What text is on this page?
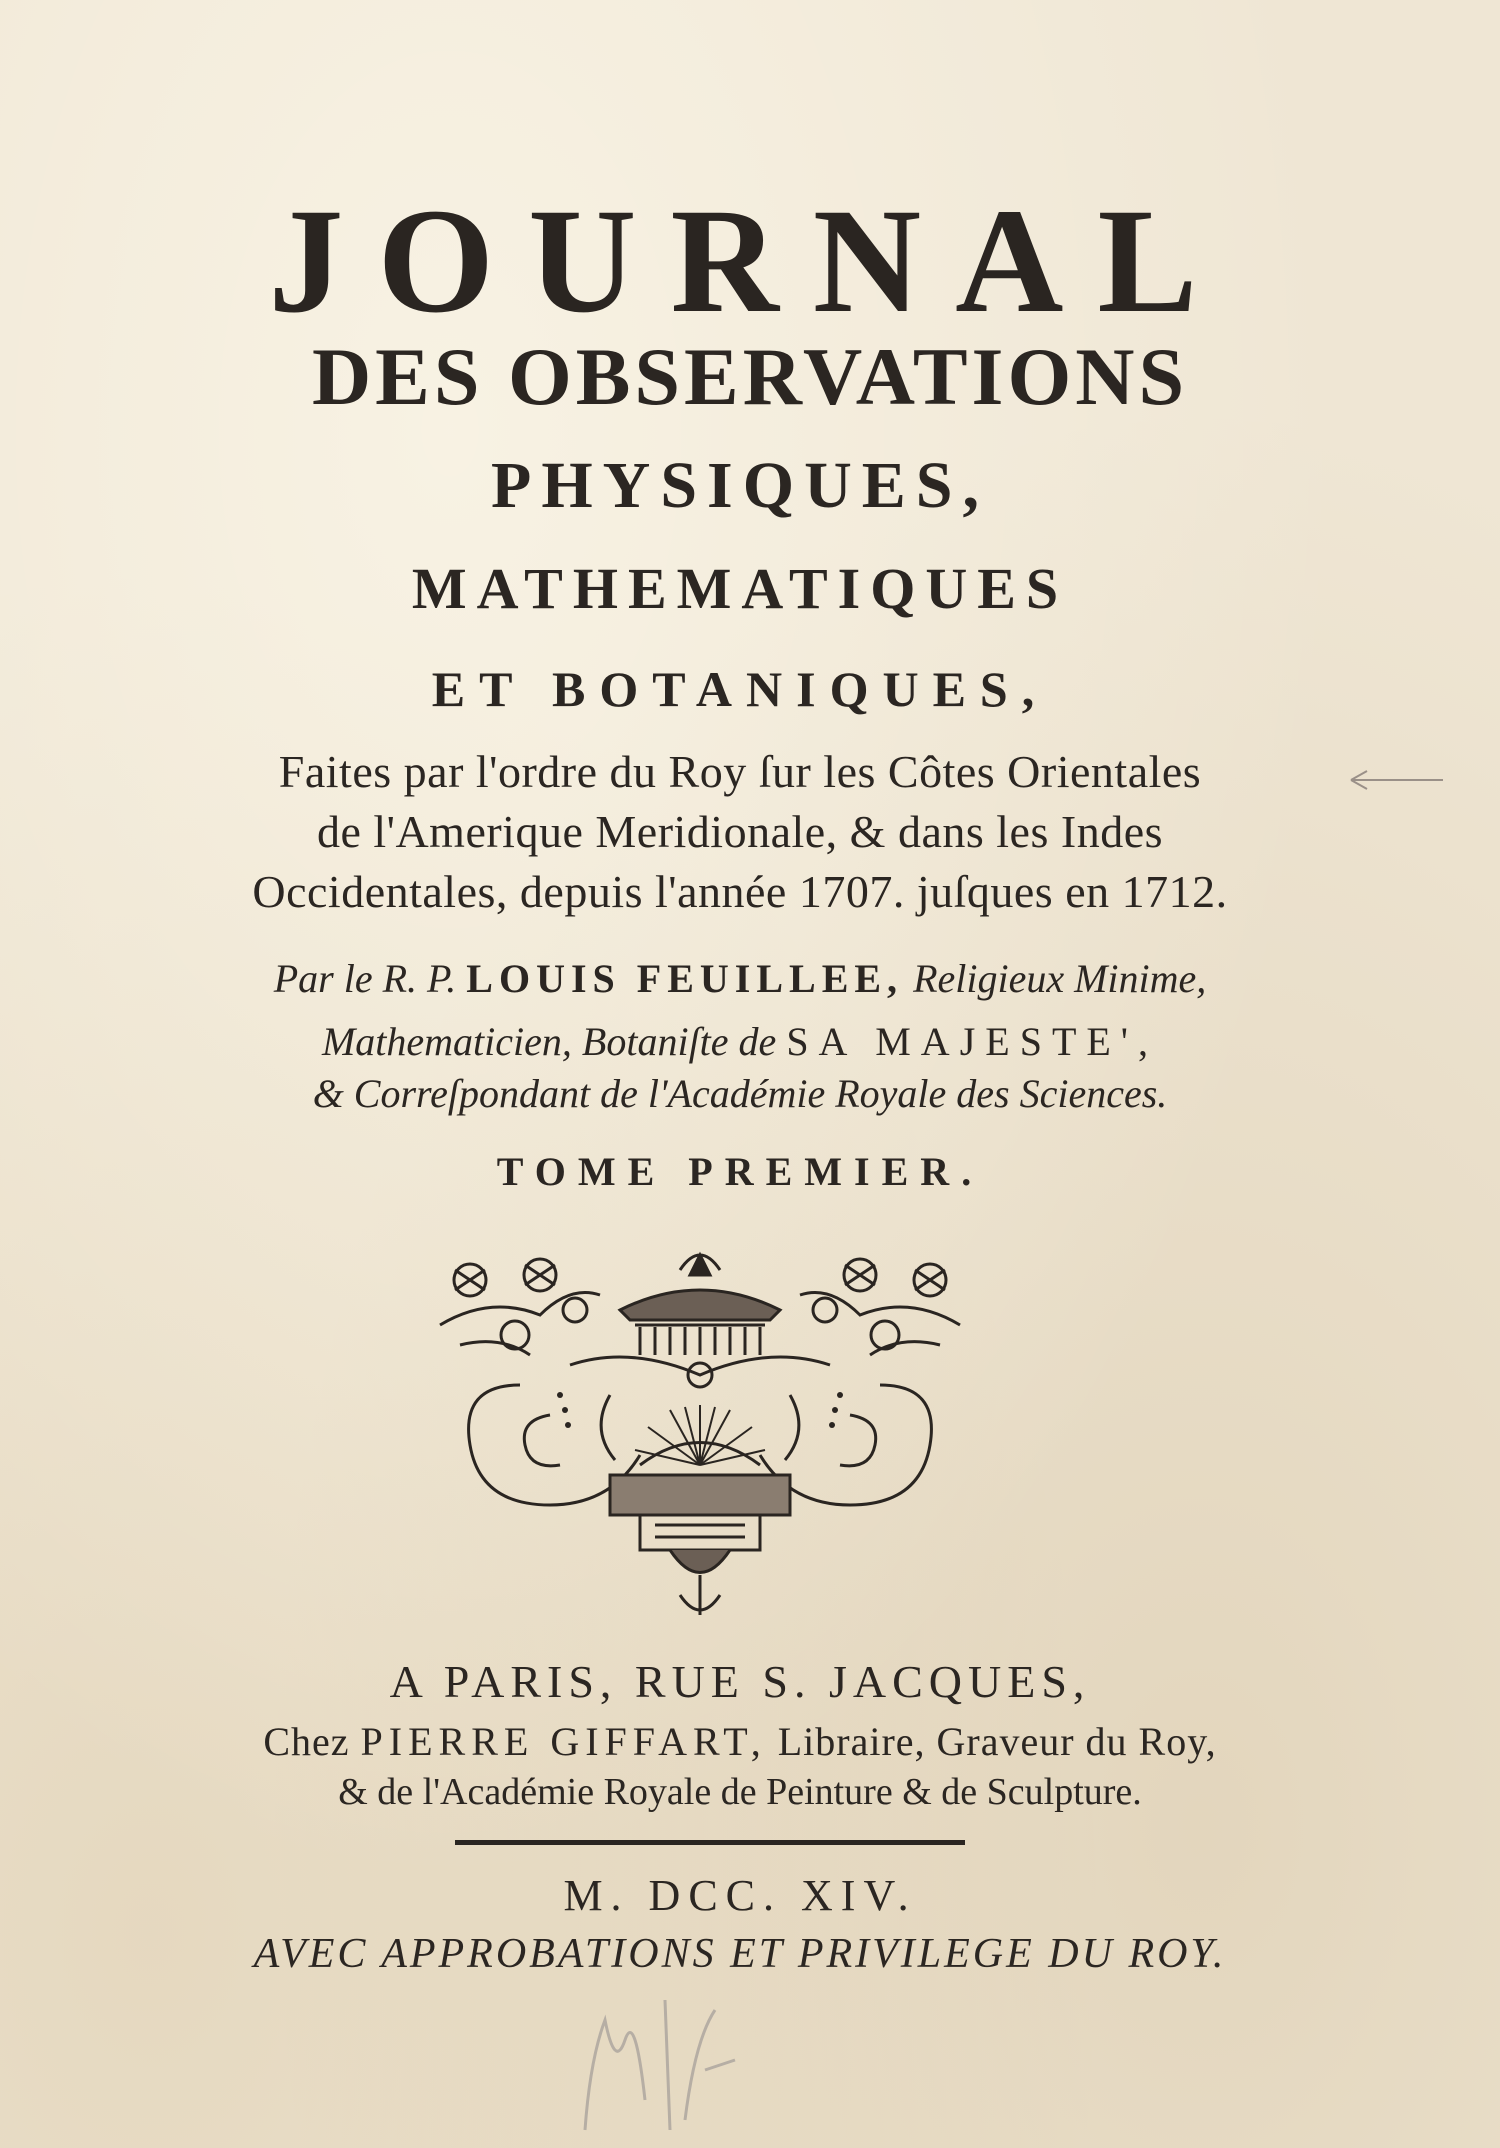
JOURNAL
DES OBSERVATIONS
PHYSIQUES,
MATHEMATIQUES
ET BOTANIQUES,
Faites par l'ordre du Roy ſur les Côtes Orientales
de l'Amerique Meridionale, & dans les Indes
Occidentales, depuis l'année 1707. juſques en 1712.
Par le R. P. LOUIS FEUILLEE, Religieux Minime,
Mathematicien, Botaniſte de SA MAJESTE',
& Correſpondant de l'Académie Royale des Sciences.
TOME PREMIER.
A PARIS, RUE S. JACQUES,
Chez PIERRE GIFFART, Libraire, Graveur du Roy,
& de l'Académie Royale de Peinture & de Sculpture.
M. DCC. XIV.
AVEC APPROBATIONS ET PRIVILEGE DU ROY.
